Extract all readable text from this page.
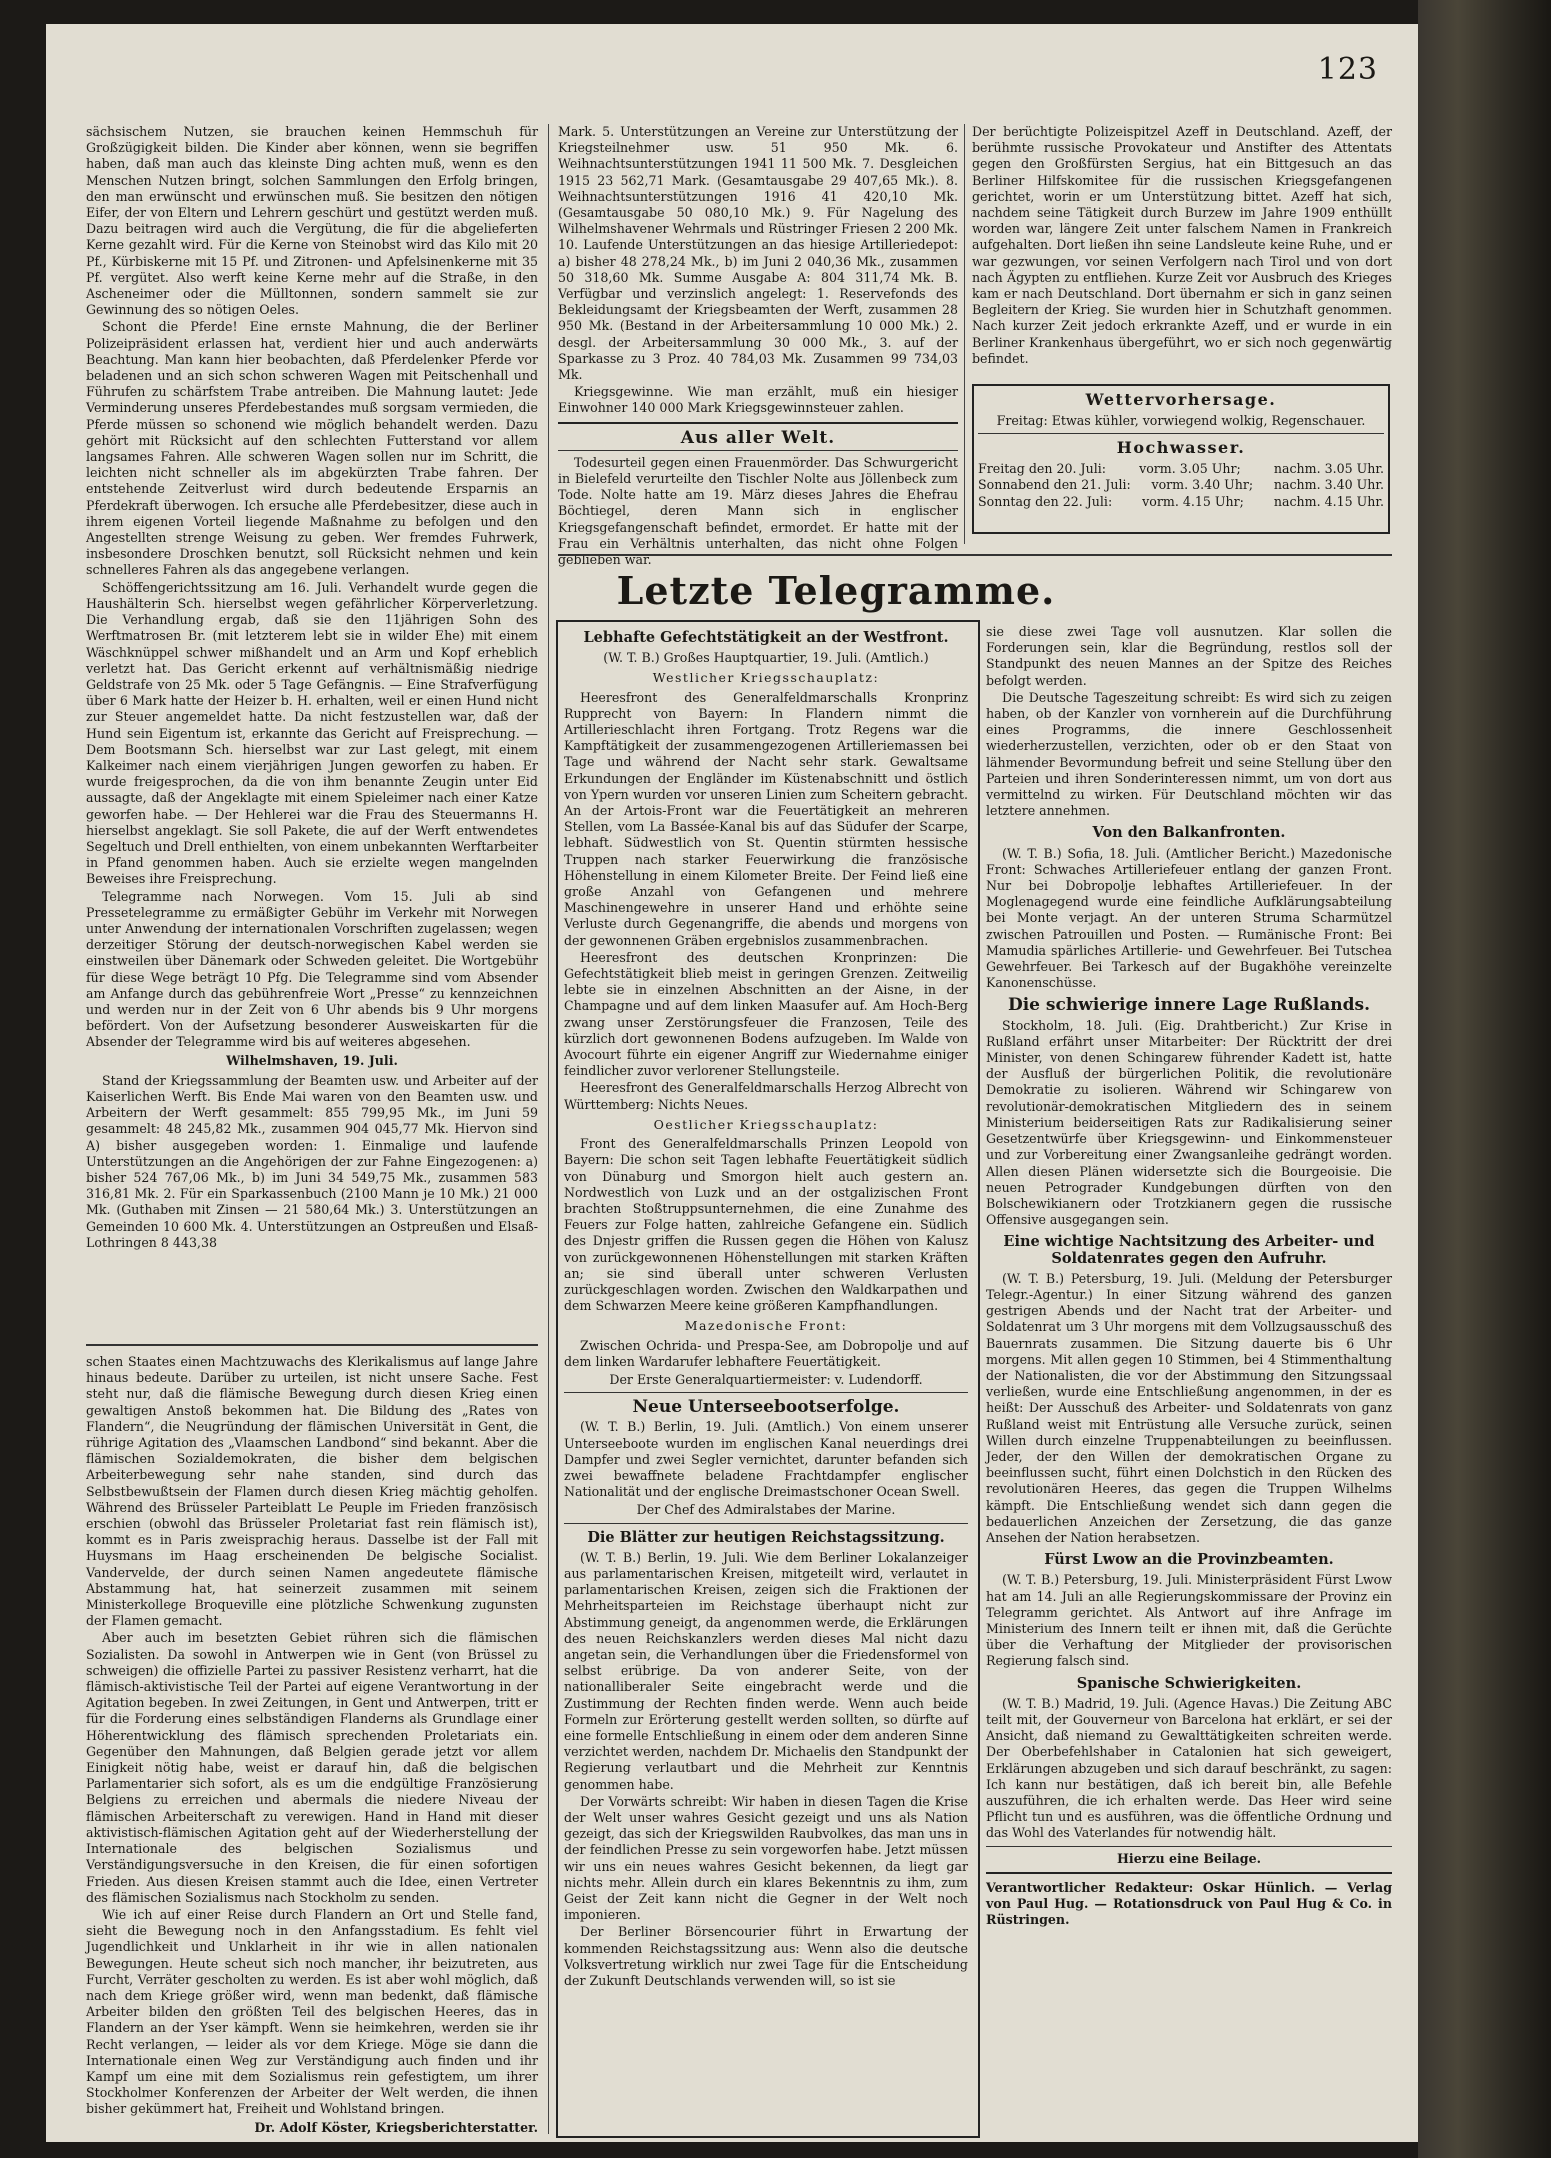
123

sächsischem Nutzen, sie brauchen keinen Hemmschuh für Großzügigkeit bilden. Die Kinder aber können, wenn sie begriffen haben, daß man auch das kleinste Ding achten muß, wenn es den Menschen Nutzen bringt, solchen Sammlungen den Erfolg bringen, den man erwünscht und erwünschen muß. Sie besitzen den nötigen Eifer, der von Eltern und Lehrern geschürt und gestützt werden muß. Dazu beitragen wird auch die Vergütung, die für die abgelieferten Kerne gezahlt wird. Für die Kerne von Steinobst wird das Kilo mit 20 Pf., Kürbiskerne mit 15 Pf. und Zitronen- und Apfelsinenkerne mit 35 Pf. vergütet. Also werft keine Kerne mehr auf die Straße, in den Ascheneimer oder die Mülltonnen, sondern sammelt sie zur Gewinnung des so nötigen Oeles.

Schont die Pferde! Eine ernste Mahnung, die der Berliner Polizeipräsident erlassen hat, verdient hier und auch anderwärts Beachtung. Man kann hier beobachten, daß Pferdelenker Pferde vor beladenen und an sich schon schweren Wagen mit Peitschenhall und Führufen zu schärfstem Trabe antreiben. Die Mahnung lautet: Jede Verminderung unseres Pferdebestandes muß sorgsam vermieden, die Pferde müssen so schonend wie möglich behandelt werden. Dazu gehört mit Rücksicht auf den schlechten Futterstand vor allem langsames Fahren. Alle schweren Wagen sollen nur im Schritt, die leichten nicht schneller als im abgekürzten Trabe fahren. Der entstehende Zeitverlust wird durch bedeutende Ersparnis an Pferdekraft überwogen. Ich ersuche alle Pferdebesitzer, diese auch in ihrem eigenen Vorteil liegende Maßnahme zu befolgen und den Angestellten strenge Weisung zu geben. Wer fremdes Fuhrwerk, insbesondere Droschken benutzt, soll Rücksicht nehmen und kein schnelleres Fahren als das angegebene verlangen.

Schöffengerichtssitzung am 16. Juli. Verhandelt wurde gegen die Haushälterin Sch. hierselbst wegen gefährlicher Körperverletzung. Die Verhandlung ergab, daß sie den 11jährigen Sohn des Werftmatrosen Br. (mit letzterem lebt sie in wilder Ehe) mit einem Wäschknüppel schwer mißhandelt und an Arm und Kopf erheblich verletzt hat. Das Gericht erkennt auf verhältnismäßig niedrige Geldstrafe von 25 Mk. oder 5 Tage Gefängnis. — Eine Strafverfügung über 6 Mark hatte der Heizer b. H. erhalten, weil er einen Hund nicht zur Steuer angemeldet hatte. Da nicht festzustellen war, daß der Hund sein Eigentum ist, erkannte das Gericht auf Freisprechung. — Dem Bootsmann Sch. hierselbst war zur Last gelegt, mit einem Kalkeimer nach einem vierjährigen Jungen geworfen zu haben. Er wurde freigesprochen, da die von ihm benannte Zeugin unter Eid aussagte, daß der Angeklagte mit einem Spieleimer nach einer Katze geworfen habe. — Der Hehlerei war die Frau des Steuermanns H. hierselbst angeklagt. Sie soll Pakete, die auf der Werft entwendetes Segeltuch und Drell enthielten, von einem unbekannten Werftarbeiter in Pfand genommen haben. Auch sie erzielte wegen mangelnden Beweises ihre Freisprechung.

Telegramme nach Norwegen. Vom 15. Juli ab sind Pressetelegramme zu ermäßigter Gebühr im Verkehr mit Norwegen unter Anwendung der internationalen Vorschriften zugelassen; wegen derzeitiger Störung der deutsch-norwegischen Kabel werden sie einstweilen über Dänemark oder Schweden geleitet. Die Wortgebühr für diese Wege beträgt 10 Pfg. Die Telegramme sind vom Absender am Anfange durch das gebührenfreie Wort „Presse“ zu kennzeichnen und werden nur in der Zeit von 6 Uhr abends bis 9 Uhr morgens befördert. Von der Aufsetzung besonderer Ausweiskarten für die Absender der Telegramme wird bis auf weiteres abgesehen.

Wilhelmshaven, 19. Juli.

Stand der Kriegssammlung der Beamten usw. und Arbeiter auf der Kaiserlichen Werft. Bis Ende Mai waren von den Beamten usw. und Arbeitern der Werft gesammelt: 855 799,95 Mk., im Juni 59 gesammelt: 48 245,82 Mk., zusammen 904 045,77 Mk. Hiervon sind A) bisher ausgegeben worden: 1. Einmalige und laufende Unterstützungen an die Angehörigen der zur Fahne Eingezogenen: a) bisher 524 767,06 Mk., b) im Juni 34 549,75 Mk., zusammen 583 316,81 Mk. 2. Für ein Sparkassenbuch (2100 Mann je 10 Mk.) 21 000 Mk. (Guthaben mit Zinsen — 21 580,64 Mk.) 3. Unterstützungen an Gemeinden 10 600 Mk. 4. Unterstützungen an Ostpreußen und Elsaß-Lothringen 8 443,38

schen Staates einen Machtzuwachs des Klerikalismus auf lange Jahre hinaus bedeute. Darüber zu urteilen, ist nicht unsere Sache. Fest steht nur, daß die flämische Bewegung durch diesen Krieg einen gewaltigen Anstoß bekommen hat. Die Bildung des „Rates von Flandern“, die Neugründung der flämischen Universität in Gent, die rührige Agitation des „Vlaamschen Landbond“ sind bekannt. Aber die flämischen Sozialdemokraten, die bisher dem belgischen Arbeiterbewegung sehr nahe standen, sind durch das Selbstbewußtsein der Flamen durch diesen Krieg mächtig geholfen. Während des Brüsseler Parteiblatt Le Peuple im Frieden französisch erschien (obwohl das Brüsseler Proletariat fast rein flämisch ist), kommt es in Paris zweisprachig heraus. Dasselbe ist der Fall mit Huysmans im Haag erscheinenden De belgische Socialist. Vandervelde, der durch seinen Namen angedeutete flämische Abstammung hat, hat seinerzeit zusammen mit seinem Ministerkollege Broqueville eine plötzliche Schwenkung zugunsten der Flamen gemacht.

Aber auch im besetzten Gebiet rühren sich die flämischen Sozialisten. Da sowohl in Antwerpen wie in Gent (von Brüssel zu schweigen) die offizielle Partei zu passiver Resistenz verharrt, hat die flämisch-aktivistische Teil der Partei auf eigene Verantwortung in der Agitation begeben. In zwei Zeitungen, in Gent und Antwerpen, tritt er für die Forderung eines selbständigen Flanderns als Grundlage einer Höherentwicklung des flämisch sprechenden Proletariats ein. Gegenüber den Mahnungen, daß Belgien gerade jetzt vor allem Einigkeit nötig habe, weist er darauf hin, daß die belgischen Parlamentarier sich sofort, als es um die endgültige Französierung Belgiens zu erreichen und abermals die niedere Niveau der flämischen Arbeiterschaft zu verewigen. Hand in Hand mit dieser aktivistisch-flämischen Agitation geht auf der Wiederherstellung der Internationale des belgischen Sozialismus und Verständigungsversuche in den Kreisen, die für einen sofortigen Frieden. Aus diesen Kreisen stammt auch die Idee, einen Vertreter des flämischen Sozialismus nach Stockholm zu senden.

Wie ich auf einer Reise durch Flandern an Ort und Stelle fand, sieht die Bewegung noch in den Anfangsstadium. Es fehlt viel Jugendlichkeit und Unklarheit in ihr wie in allen nationalen Bewegungen. Heute scheut sich noch mancher, ihr beizutreten, aus Furcht, Verräter gescholten zu werden. Es ist aber wohl möglich, daß nach dem Kriege größer wird, wenn man bedenkt, daß flämische Arbeiter bilden den größten Teil des belgischen Heeres, das in Flandern an der Yser kämpft. Wenn sie heimkehren, werden sie ihr Recht verlangen, — leider als vor dem Kriege. Möge sie dann die Internationale einen Weg zur Verständigung auch finden und ihr Kampf um eine mit dem Sozialismus rein gefestigtem, um ihrer Stockholmer Konferenzen der Arbeiter der Welt werden, die ihnen bisher gekümmert hat, Freiheit und Wohlstand bringen.

Dr. Adolf Köster, Kriegsberichterstatter.

Mark. 5. Unterstützungen an Vereine zur Unterstützung der Kriegsteilnehmer usw. 51 950 Mk. 6. Weihnachtsunterstützungen 1941 11 500 Mk. 7. Desgleichen 1915 23 562,71 Mark. (Gesamtausgabe 29 407,65 Mk.). 8. Weihnachtsunterstützungen 1916 41 420,10 Mk. (Gesamtausgabe 50 080,10 Mk.) 9. Für Nagelung des Wilhelmshavener Wehrmals und Rüstringer Friesen 2 200 Mk. 10. Laufende Unterstützungen an das hiesige Artilleriedepot: a) bisher 48 278,24 Mk., b) im Juni 2 040,36 Mk., zusammen 50 318,60 Mk. Summe Ausgabe A: 804 311,74 Mk. B. Verfügbar und verzinslich angelegt: 1. Reservefonds des Bekleidungsamt der Kriegsbeamten der Werft, zusammen 28 950 Mk. (Bestand in der Arbeitersammlung 10 000 Mk.) 2. desgl. der Arbeitersammlung 30 000 Mk., 3. auf der Sparkasse zu 3 Proz. 40 784,03 Mk. Zusammen 99 734,03 Mk.

Kriegsgewinne. Wie man erzählt, muß ein hiesiger Einwohner 140 000 Mark Kriegsgewinnsteuer zahlen.

Aus aller Welt.

Todesurteil gegen einen Frauenmörder. Das Schwurgericht in Bielefeld verurteilte den Tischler Nolte aus Jöllenbeck zum Tode. Nolte hatte am 19. März dieses Jahres die Ehefrau Böchtiegel, deren Mann sich in englischer Kriegsgefangenschaft befindet, ermordet. Er hatte mit der Frau ein Verhältnis unterhalten, das nicht ohne Folgen geblieben war.

Der berüchtigte Polizeispitzel Azeff in Deutschland. Azeff, der berühmte russische Provokateur und Anstifter des Attentats gegen den Großfürsten Sergius, hat ein Bittgesuch an das Berliner Hilfskomitee für die russischen Kriegsgefangenen gerichtet, worin er um Unterstützung bittet. Azeff hat sich, nachdem seine Tätigkeit durch Burzew im Jahre 1909 enthüllt worden war, längere Zeit unter falschem Namen in Frankreich aufgehalten. Dort ließen ihn seine Landsleute keine Ruhe, und er war gezwungen, vor seinen Verfolgern nach Tirol und von dort nach Ägypten zu entfliehen. Kurze Zeit vor Ausbruch des Krieges kam er nach Deutschland. Dort übernahm er sich in ganz seinen Begleitern der Krieg. Sie wurden hier in Schutzhaft genommen. Nach kurzer Zeit jedoch erkrankte Azeff, und er wurde in ein Berliner Krankenhaus übergeführt, wo er sich noch gegenwärtig befindet.

Wettervorhersage.
Freitag: Etwas kühler, vorwiegend wolkig, Regenschauer.
Hochwasser.
Freitag den 20. Juli:	vorm. 3.05 Uhr;	nachm. 3.05 Uhr.
Sonnabend den 21. Juli: vorm. 3.40 Uhr; nachm. 3.40 Uhr.
Sonntag den 22. Juli: vorm. 4.15 Uhr; nachm. 4.15 Uhr.
Letzte Telegramme.
Lebhafte Gefechtstätigkeit an der Westfront.

(W. T. B.) Großes Hauptquartier, 19. Juli. (Amtlich.)

Westlicher Kriegsschauplatz:

Heeresfront des Generalfeldmarschalls Kronprinz Rupprecht von Bayern: In Flandern nimmt die Artillerieschlacht ihren Fortgang. Trotz Regens war die Kampftätigkeit der zusammengezogenen Artilleriemassen bei Tage und während der Nacht sehr stark. Gewaltsame Erkundungen der Engländer im Küstenabschnitt und östlich von Ypern wurden vor unseren Linien zum Scheitern gebracht. An der Artois-Front war die Feuertätigkeit an mehreren Stellen, vom La Bassée-Kanal bis auf das Südufer der Scarpe, lebhaft. Südwestlich von St. Quentin stürmten hessische Truppen nach starker Feuerwirkung die französische Höhenstellung in einem Kilometer Breite. Der Feind ließ eine große Anzahl von Gefangenen und mehrere Maschinengewehre in unserer Hand und erhöhte seine Verluste durch Gegenangriffe, die abends und morgens von der gewonnenen Gräben ergebnislos zusammenbrachen.

Heeresfront des deutschen Kronprinzen: Die Gefechtstätigkeit blieb meist in geringen Grenzen. Zeitweilig lebte sie in einzelnen Abschnitten an der Aisne, in der Champagne und auf dem linken Maasufer auf. Am Hoch-Berg zwang unser Zerstörungsfeuer die Franzosen, Teile des kürzlich dort gewonnenen Bodens aufzugeben. Im Walde von Avocourt führte ein eigener Angriff zur Wiedernahme einiger feindlicher zuvor verlorener Stellungsteile.

Heeresfront des Generalfeldmarschalls Herzog Albrecht von Württemberg: Nichts Neues.

Oestlicher Kriegsschauplatz:

Front des Generalfeldmarschalls Prinzen Leopold von Bayern: Die schon seit Tagen lebhafte Feuertätigkeit südlich von Dünaburg und Smorgon hielt auch gestern an. Nordwestlich von Luzk und an der ostgalizischen Front brachten Stoßtruppsunternehmen, die eine Zunahme des Feuers zur Folge hatten, zahlreiche Gefangene ein. Südlich des Dnjestr griffen die Russen gegen die Höhen von Kalusz von zurückgewonnenen Höhenstellungen mit starken Kräften an; sie sind überall unter schweren Verlusten zurückgeschlagen worden. Zwischen den Waldkarpathen und dem Schwarzen Meere keine größeren Kampfhandlungen.

Mazedonische Front:

Zwischen Ochrida- und Prespa-See, am Dobropolje und auf dem linken Wardarufer lebhaftere Feuertätigkeit.

Der Erste Generalquartiermeister: v. Ludendorff.
Neue Unterseebootserfolge.

(W. T. B.) Berlin, 19. Juli. (Amtlich.) Von einem unserer Unterseeboote wurden im englischen Kanal neuerdings drei Dampfer und zwei Segler vernichtet, darunter befanden sich zwei bewaffnete beladene Frachtdampfer englischer Nationalität und der englische Dreimastschoner Ocean Swell.

Der Chef des Admiralstabes der Marine.
Die Blätter zur heutigen Reichstagssitzung.

(W. T. B.) Berlin, 19. Juli. Wie dem Berliner Lokalanzeiger aus parlamentarischen Kreisen, mitgeteilt wird, verlautet in parlamentarischen Kreisen, zeigen sich die Fraktionen der Mehrheitsparteien im Reichstage überhaupt nicht zur Abstimmung geneigt, da angenommen werde, die Erklärungen des neuen Reichskanzlers werden dieses Mal nicht dazu angetan sein, die Verhandlungen über die Friedensformel von selbst erübrige. Da von anderer Seite, von der nationalliberaler Seite eingebracht werde und die Zustimmung der Rechten finden werde. Wenn auch beide Formeln zur Erörterung gestellt werden sollten, so dürfte auf eine formelle Entschließung in einem oder dem anderen Sinne verzichtet werden, nachdem Dr. Michaelis den Standpunkt der Regierung verlautbart und die Mehrheit zur Kenntnis genommen habe.

Der Vorwärts schreibt: Wir haben in diesen Tagen die Krise der Welt unser wahres Gesicht gezeigt und uns als Nation gezeigt, das sich der Kriegswilden Raubvolkes, das man uns in der feindlichen Presse zu sein vorgeworfen habe. Jetzt müssen wir uns ein neues wahres Gesicht bekennen, da liegt gar nichts mehr. Allein durch ein klares Bekenntnis zu ihm, zum Geist der Zeit kann nicht die Gegner in der Welt noch imponieren.

Der Berliner Börsencourier führt in Erwartung der kommenden Reichstagssitzung aus: Wenn also die deutsche Volksvertretung wirklich nur zwei Tage für die Entscheidung der Zukunft Deutschlands verwenden will, so ist sie

sie diese zwei Tage voll ausnutzen. Klar sollen die Forderungen sein, klar die Begründung, restlos soll der Standpunkt des neuen Mannes an der Spitze des Reiches befolgt werden.

Die Deutsche Tageszeitung schreibt: Es wird sich zu zeigen haben, ob der Kanzler von vornherein auf die Durchführung eines Programms, die innere Geschlossenheit wiederherzustellen, verzichten, oder ob er den Staat von lähmender Bevormundung befreit und seine Stellung über den Parteien und ihren Sonderinteressen nimmt, um von dort aus vermittelnd zu wirken. Für Deutschland möchten wir das letztere annehmen.

Von den Balkanfronten.

(W. T. B.) Sofia, 18. Juli. (Amtlicher Bericht.) Mazedonische Front: Schwaches Artilleriefeuer entlang der ganzen Front. Nur bei Dobropolje lebhaftes Artilleriefeuer. In der Moglenagegend wurde eine feindliche Aufklärungsabteilung bei Monte verjagt. An der unteren Struma Scharmützel zwischen Patrouillen und Posten. — Rumänische Front: Bei Mamudia spärliches Artillerie- und Gewehrfeuer. Bei Tutschea Gewehrfeuer. Bei Tarkesch auf der Bugakhöhe vereinzelte Kanonenschüsse.

Die schwierige innere Lage Rußlands.

Stockholm, 18. Juli. (Eig. Drahtbericht.) Zur Krise in Rußland erfährt unser Mitarbeiter: Der Rücktritt der drei Minister, von denen Schingarew führender Kadett ist, hatte der Ausfluß der bürgerlichen Politik, die revolutionäre Demokratie zu isolieren. Während wir Schingarew von revolutionär-demokratischen Mitgliedern des in seinem Ministerium beiderseitigen Rats zur Radikalisierung seiner Gesetzentwürfe über Kriegsgewinn- und Einkommensteuer und zur Vorbereitung einer Zwangsanleihe gedrängt worden. Allen diesen Plänen widersetzte sich die Bourgeoisie. Die neuen Petrograder Kundgebungen dürften von den Bolschewikianern oder Trotzkianern gegen die russische Offensive ausgegangen sein.

Eine wichtige Nachtsitzung des Arbeiter- und Soldatenrates gegen den Aufruhr.

(W. T. B.) Petersburg, 19. Juli. (Meldung der Petersburger Telegr.-Agentur.) In einer Sitzung während des ganzen gestrigen Abends und der Nacht trat der Arbeiter- und Soldatenrat um 3 Uhr morgens mit dem Vollzugsausschuß des Bauernrats zusammen. Die Sitzung dauerte bis 6 Uhr morgens. Mit allen gegen 10 Stimmen, bei 4 Stimmenthaltung der Nationalisten, die vor der Abstimmung den Sitzungssaal verließen, wurde eine Entschließung angenommen, in der es heißt: Der Ausschuß des Arbeiter- und Soldatenrats von ganz Rußland weist mit Entrüstung alle Versuche zurück, seinen Willen durch einzelne Truppenabteilungen zu beeinflussen. Jeder, der den Willen der demokratischen Organe zu beeinflussen sucht, führt einen Dolchstich in den Rücken des revolutionären Heeres, das gegen die Truppen Wilhelms kämpft. Die Entschließung wendet sich dann gegen die bedauerlichen Anzeichen der Zersetzung, die das ganze Ansehen der Nation herabsetzen.

Fürst Lwow an die Provinzbeamten.

(W. T. B.) Petersburg, 19. Juli. Ministerpräsident Fürst Lwow hat am 14. Juli an alle Regierungskommissare der Provinz ein Telegramm gerichtet. Als Antwort auf ihre Anfrage im Ministerium des Innern teilt er ihnen mit, daß die Gerüchte über die Verhaftung der Mitglieder der provisorischen Regierung falsch sind.

Spanische Schwierigkeiten.

(W. T. B.) Madrid, 19. Juli. (Agence Havas.) Die Zeitung ABC teilt mit, der Gouverneur von Barcelona hat erklärt, er sei der Ansicht, daß niemand zu Gewalttätigkeiten schreiten werde. Der Oberbefehlshaber in Catalonien hat sich geweigert, Erklärungen abzugeben und sich darauf beschränkt, zu sagen: Ich kann nur bestätigen, daß ich bereit bin, alle Befehle auszuführen, die ich erhalten werde. Das Heer wird seine Pflicht tun und es ausführen, was die öffentliche Ordnung und das Wohl des Vaterlandes für notwendig hält.

Hierzu eine Beilage.

Verantwortlicher Redakteur: Oskar Hünlich. — Verlag von Paul Hug. — Rotationsdruck von Paul Hug & Co. in Rüstringen.
